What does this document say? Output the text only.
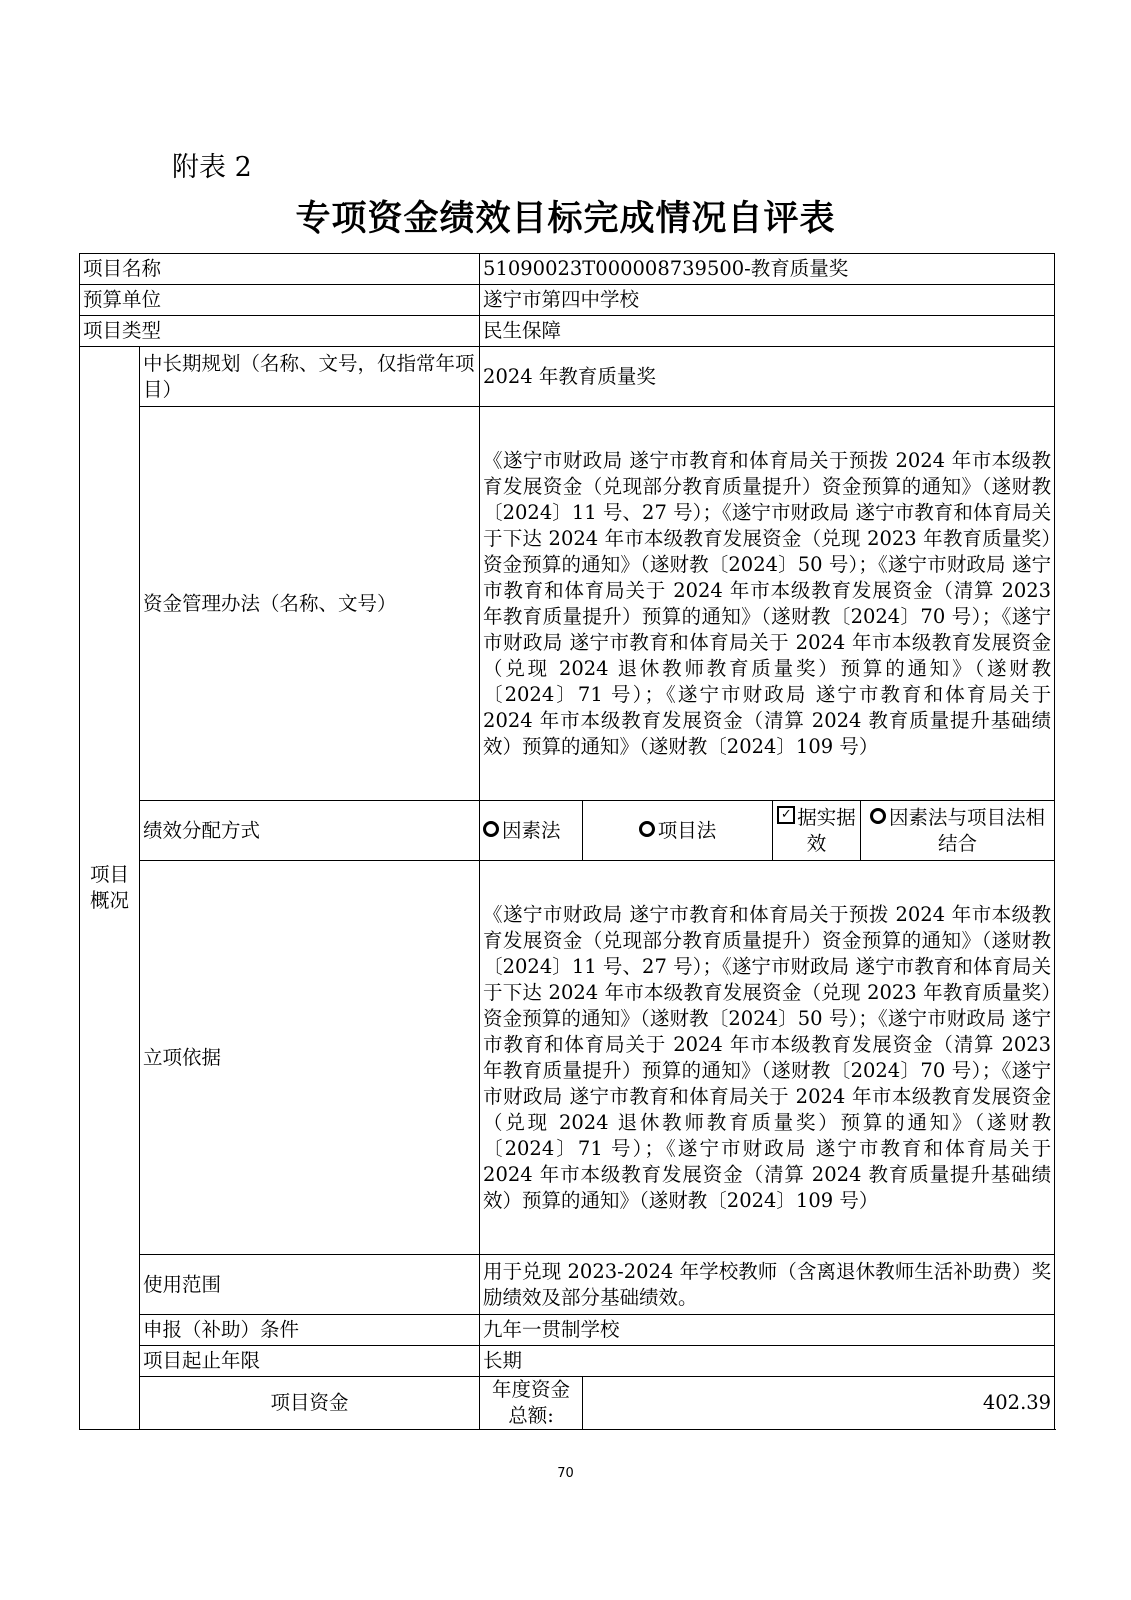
附表 2
专项资金绩效目标完成情况自评表
项目名称		51090023T000008739500-教育质量奖			
预算单位		遂宁市第四中学校			
项目类型		民生保障			
项目
概况	中长期规划（名称、文号，仅指常年项目）	2024 年教育质量奖			
	资金管理办法（名称、文号）	《遂宁市财政局 遂宁市教育和体育局关于预拨 2024 年市本级教育发展资金（兑现部分教育质量提升）资金预算的通知》（遂财教〔2024〕11 号、27 号）；《遂宁市财政局 遂宁市教育和体育局关于下达 2024 年市本级教育发展资金（兑现 2023 年教育质量奖）资金预算的通知》（遂财教〔2024〕50 号）；《遂宁市财政局 遂宁市教育和体育局关于 2024 年市本级教育发展资金（清算 2023 年教育质量提升）预算的通知》（遂财教〔2024〕70 号）；《遂宁市财政局 遂宁市教育和体育局关于 2024 年市本级教育发展资金（兑现 2024 退休教师教育质量奖）预算的通知》（遂财教〔2024〕71 号）；《遂宁市财政局 遂宁市教育和体育局关于 2024 年市本级教育发展资金（清算 2024 教育质量提升基础绩效）预算的通知》（遂财教〔2024〕109 号）			
	绩效分配方式	因素法	项目法	✓ 据实据效	因素法与项目法相结合
	立项依据	《遂宁市财政局 遂宁市教育和体育局关于预拨 2024 年市本级教育发展资金（兑现部分教育质量提升）资金预算的通知》（遂财教〔2024〕11 号、27 号）；《遂宁市财政局 遂宁市教育和体育局关于下达 2024 年市本级教育发展资金（兑现 2023 年教育质量奖）资金预算的通知》（遂财教〔2024〕50 号）；《遂宁市财政局 遂宁市教育和体育局关于 2024 年市本级教育发展资金（清算 2023 年教育质量提升）预算的通知》（遂财教〔2024〕70 号）；《遂宁市财政局 遂宁市教育和体育局关于 2024 年市本级教育发展资金（兑现 2024 退休教师教育质量奖）预算的通知》（遂财教〔2024〕71 号）；《遂宁市财政局 遂宁市教育和体育局关于 2024 年市本级教育发展资金（清算 2024 教育质量提升基础绩效）预算的通知》（遂财教〔2024〕109 号）			
	使用范围	用于兑现 2023-2024 年学校教师（含离退休教师生活补助费）奖励绩效及部分基础绩效。			
	申报（补助）条件	九年一贯制学校			
	项目起止年限	长期			
	项目资金	年度资金总额:	402.39		
70
